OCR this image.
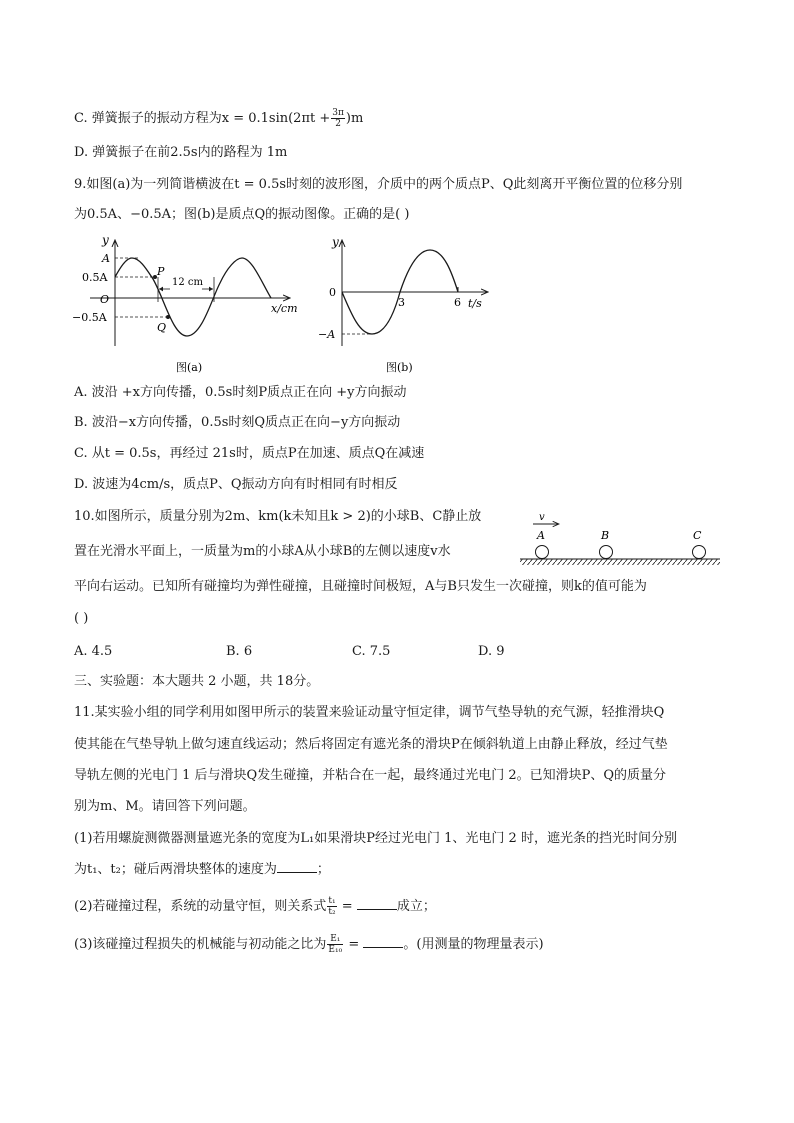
C. 弹簧振子的振动方程为$x = 0.1\sin(2\pi t + \frac{3\pi}{2} )m$
D. 弹簧振子在前2.5s内的路程为 1m
9.如图(a)为一列简谐横波在t = 0.5s时刻的波形图，介质中的两个质点P、Q此刻离开平衡位置的位移分别
为0.5A、−0.5A；图(b)是质点Q的振动图像。正确的是( )
y
A
0.5A
O
−0.5A
P
Q
12 cm
x/cm
图(a)
y
0
3	6 t/s
−A
图(b)
A. 波沿 +x方向传播，0.5s时刻P质点正在向 +y方向振动
B. 波沿−x方向传播，0.5s时刻Q质点正在向−y方向振动
C. 从t = 0.5s，再经过 21s时，质点P在加速、质点Q在减速
D. 波速为4cm/s，质点P、Q振动方向有时相同有时相反
10.如图所示，质量分别为2m、km(k未知且k > 2)的小球B、C静止放
置在光滑水平面上，一质量为m的小球A从小球B的左侧以速度v水
v
A	B	C
平向右运动。已知所有碰撞均为弹性碰撞，且碰撞时间极短，A与B只发生一次碰撞，则k的值可能为
( )
A. 4.5	B. 6	C. 7.5	D. 9
三、实验题：本大题共 2 小题，共 18分。
11.某实验小组的同学利用如图甲所示的装置来验证动量守恒定律，调节气垫导轨的充气源，轻推滑块Q
使其能在气垫导轨上做匀速直线运动；然后将固定有遮光条的滑块P在倾斜轨道上由静止释放，经过气垫
导轨左侧的光电门 1 后与滑块Q发生碰撞，并粘合在一起，最终通过光电门 2。已知滑块P、Q的质量分
别为m、M。请回答下列问题。
(1)若用螺旋测微器测量遮光条的宽度为L₁如果滑块P经过光电门 1、光电门 2 时，遮光条的挡光时间分别
为t₁、t₂；碰后两滑块整体的速度为	；
(2)若碰撞过程，系统的动量守恒，则关系式 $\frac{\text{t₁}}{\text{t₂}}$ =	成立；
(3)该碰撞过程损失的机械能与初动能之比为 $\frac{\text{E₁}}{\text{E₁₀}}$ =	。(用测量的物理量表示)
